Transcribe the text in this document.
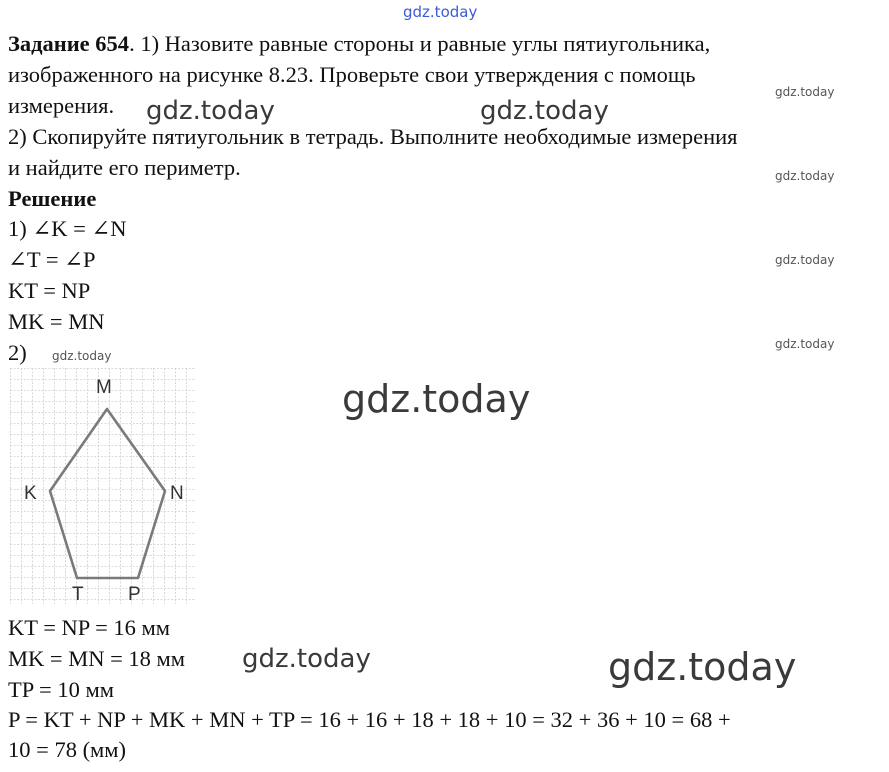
gdz.today
gdz.today
gdz.today	gdz.today
gdz.today
gdz.today
gdz.today
gdz.today
gdz.today
gdz.today	gdz.today
Задание 654. 1) Назовите равные стороны и равные углы пятиугольника,
изображенного на рисунке 8.23. Проверьте свои утверждения с помощь
измерения.
2) Скопируйте пятиугольник в тетрадь. Выполните необходимые измерения
и найдите его периметр.
Решение
1) ∠K = ∠N
∠T = ∠P
KT = NP
MK = MN
2)
M
K	N
T P
KT = NP = 16 мм
MK = MN = 18 мм
TP = 10 мм
P = KT + NP + MK + MN + TP = 16 + 16 + 18 + 18 + 10 = 32 + 36 + 10 = 68 +
10 = 78 (мм)
